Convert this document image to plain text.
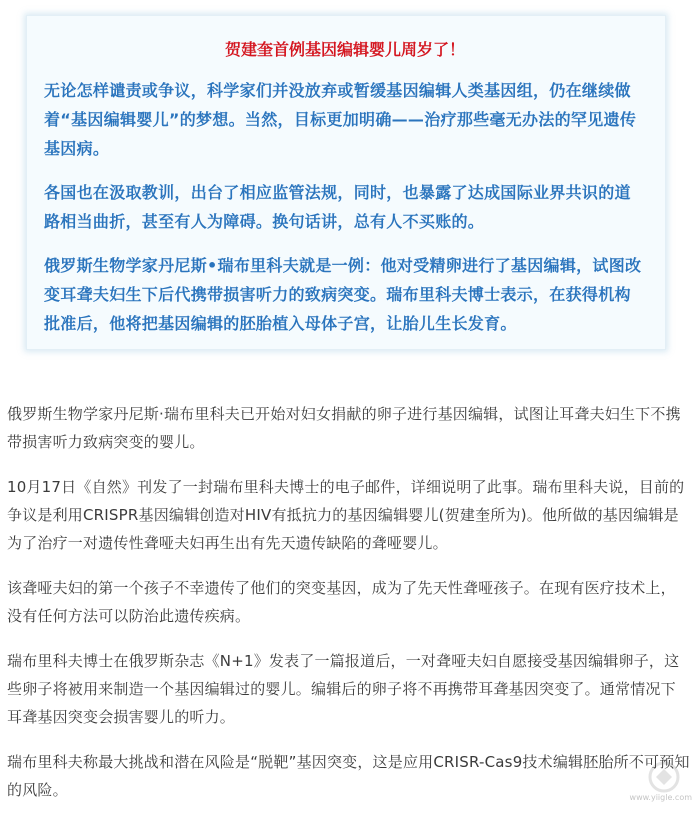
贺建奎首例基因编辑婴儿周岁了！

无论怎样谴责或争议，科学家们并没放弃或暂缓基因编辑人类基因组，仍在继续做着“基因编辑婴儿”的梦想。当然，目标更加明确——治疗那些毫无办法的罕见遗传基因病。

各国也在汲取教训，出台了相应监管法规，同时，也暴露了达成国际业界共识的道路相当曲折，甚至有人为障碍。换句话讲，总有人不买账的。

俄罗斯生物学家丹尼斯•瑞布里科夫就是一例：他对受精卵进行了基因编辑，试图改变耳聋夫妇生下后代携带损害听力的致病突变。瑞布里科夫博士表示，在获得机构批准后，他将把基因编辑的胚胎植入母体子宫，让胎儿生长发育。

俄罗斯生物学家丹尼斯·瑞布里科夫已开始对妇女捐献的卵子进行基因编辑，试图让耳聋夫妇生下不携带损害听力致病突变的婴儿。

10月17日《自然》刊发了一封瑞布里科夫博士的电子邮件，详细说明了此事。瑞布里科夫说，目前的争议是利用CRISPR基因编辑创造对HIV有抵抗力的基因编辑婴儿(贺建奎所为)。他所做的基因编辑是为了治疗一对遗传性聋哑夫妇再生出有先天遗传缺陷的聋哑婴儿。

该聋哑夫妇的第一个孩子不幸遗传了他们的突变基因，成为了先天性聋哑孩子。在现有医疗技术上，没有任何方法可以防治此遗传疾病。

瑞布里科夫博士在俄罗斯杂志《N+1》发表了一篇报道后，一对聋哑夫妇自愿接受基因编辑卵子，这些卵子将被用来制造一个基因编辑过的婴儿。编辑后的卵子将不再携带耳聋基因突变了。通常情况下耳聋基因突变会损害婴儿的听力。

瑞布里科夫称最大挑战和潜在风险是“脱靶”基因突变，这是应用CRISR-Cas9技术编辑胚胎所不可预知的风险。	www.yiigle.com
